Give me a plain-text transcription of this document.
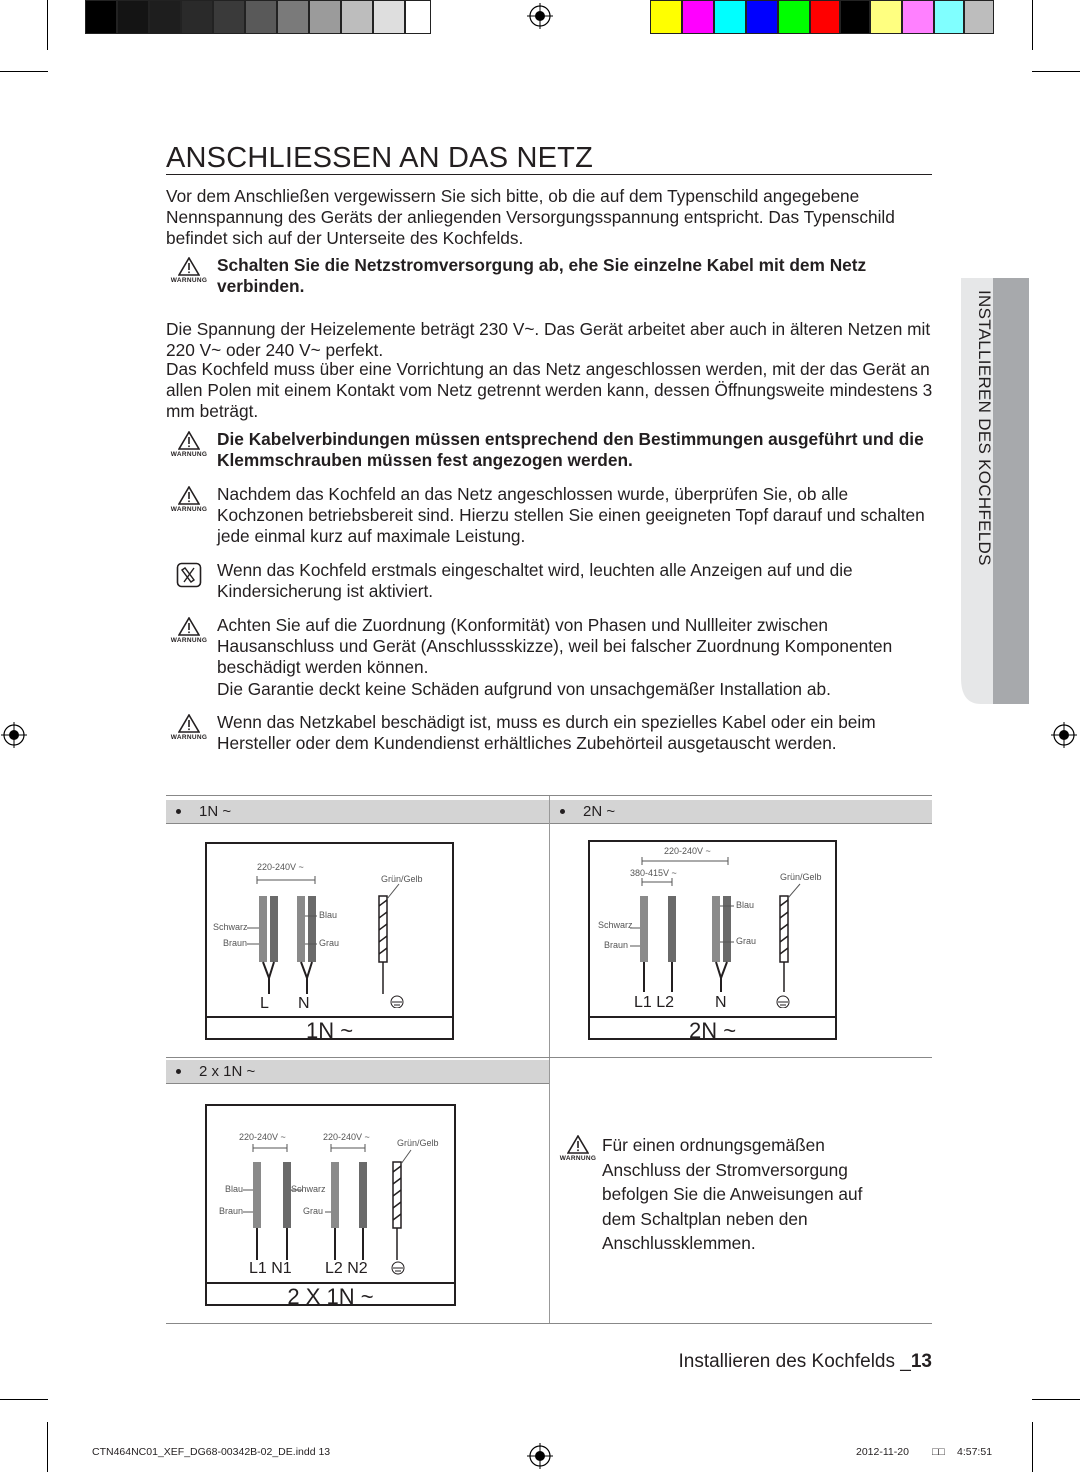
ANSCHLIESSEN AN DAS NETZ

Vor dem Anschließen vergewissern Sie sich bitte, ob die auf dem Typenschild angegebene Nennspannung des Geräts der anliegenden Versorgungsspannung entspricht. Das Typenschild befindet sich auf der Unterseite des Kochfelds.

WARNUNG

Schalten Sie die Netzstromversorgung ab, ehe Sie einzelne Kabel mit dem Netz verbinden.

Die Spannung der Heizelemente beträgt 230 V~. Das Gerät arbeitet aber auch in älteren Netzen mit 220 V~ oder 240 V~ perfekt.

Das Kochfeld muss über eine Vorrichtung an das Netz angeschlossen werden, mit der das Gerät an allen Polen mit einem Kontakt vom Netz getrennt werden kann, dessen Öffnungsweite mindestens 3 mm beträgt.

WARNUNG

Die Kabelverbindungen müssen entsprechend den Bestimmungen ausgeführt und die Klemmschrauben müssen fest angezogen werden.

WARNUNG

Nachdem das Kochfeld an das Netz angeschlossen wurde, überprüfen Sie, ob alle Kochzonen betriebsbereit sind. Hierzu stellen Sie einen geeigneten Topf darauf und schalten jede einmal kurz auf maximale Leistung.

Wenn das Kochfeld erstmals eingeschaltet wird, leuchten alle Anzeigen auf und die Kindersicherung ist aktiviert.

WARNUNG

Achten Sie auf die Zuordnung (Konformität) von Phasen und Nullleiter zwischen Hausanschluss und Gerät (Anschlussskizze), weil bei falscher Zuordnung Komponenten beschädigt werden können.

Die Garantie deckt keine Schäden aufgrund von unsachgemäßer Installation ab.

WARNUNG

Wenn das Netzkabel beschädigt ist, muss es durch ein spezielles Kabel oder ein beim Hersteller oder dem Kundendienst erhältliches Zubehörteil ausgetauscht werden.

INSTALLIEREN DES KOCHFELDS
1N ~	2N ~
2 x 1N ~
220-240V ~
Grün/Gelb
Blau
Schwarz
Braun	Grau
L N
1N ~
220-240V ~
380-415V ~	Grün/Gelb
Blau
Schwarz
Braun	Grau
L1 L2	N
2N ~
220-240V ~	220-240V ~
Grün/Gelb
Blau	Schwarz
Braun	Grau
L1 N1 L2 N2
2 X 1N ~
WARNUNG

Für einen ordnungsgemäßen Anschluss der Stromversorgung befolgen Sie die Anweisungen auf dem Schaltplan neben den Anschlussklemmen.

Installieren des Kochfelds _13
CTN464NC01_XEF_DG68-00342B-02_DE.indd 13	2012-11-20 □□ 4:57:51
